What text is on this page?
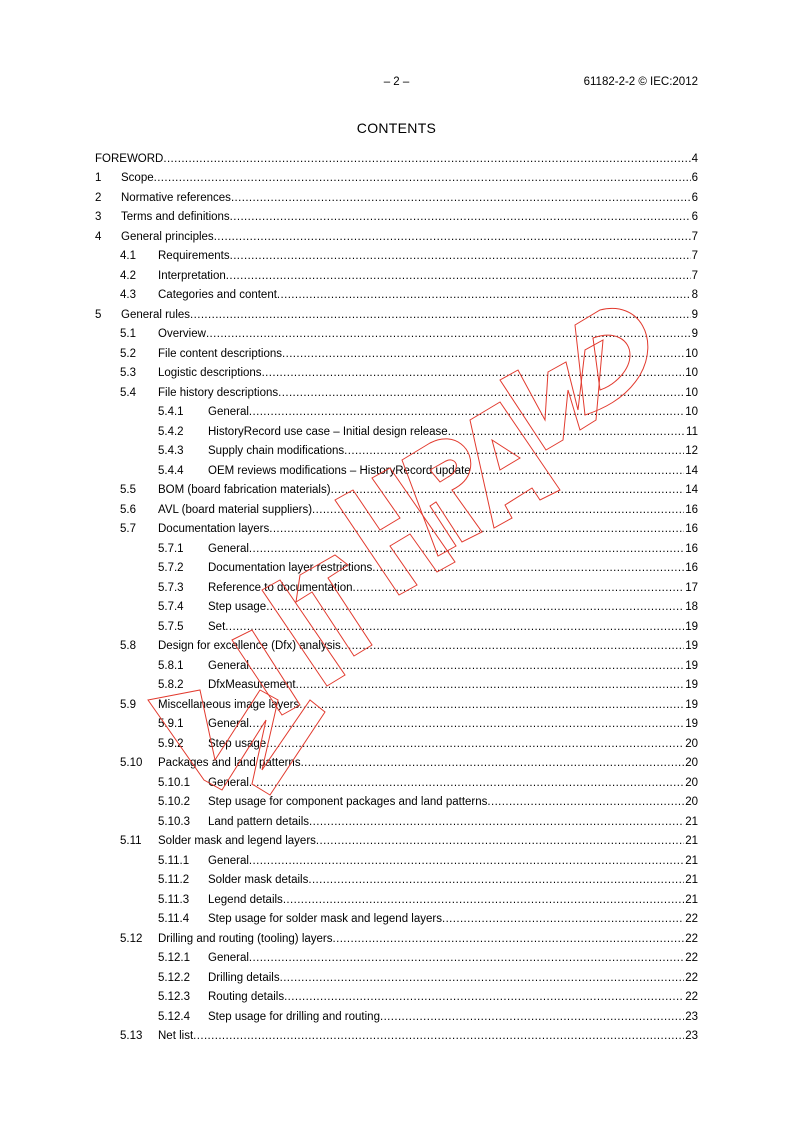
– 2 –	61182-2-2 © IEC:2012
CONTENTS
FOREWORD .....	4
1	Scope .....	6
2	Normative references .....	6
3	Terms and definitions .....	6
4	General principles .....	7
4.1	Requirements .....	7
4.2	Interpretation .....	7
4.3	Categories and content .....	8
5	General rules .....	9
5.1	Overview .....	9
5.2	File content descriptions .....	10
5.3	Logistic descriptions .....	10
5.4	File history descriptions .....	10
5.4.1	General .....	10
5.4.2	HistoryRecord use case – Initial design release .....	11
5.4.3	Supply chain modifications .....	12
5.4.4	OEM reviews modifications – HistoryRecord update .....	14
5.5	BOM (board fabrication materials) .....	14
5.6	AVL (board material suppliers) .....	16
5.7	Documentation layers .....	16
5.7.1	General .....	16
5.7.2	Documentation layer restrictions .....	16
5.7.3	Reference to documentation .....	17
5.7.4	Step usage .....	18
5.7.5	Set .....	19
5.8	Design for excellence (Dfx) analysis .....	19
5.8.1	General .....	19
5.8.2	DfxMeasurement .....	19
5.9	Miscellaneous image layers .....	19
5.9.1	General .....	19
5.9.2	Step usage .....	20
5.10	Packages and land patterns .....	20
5.10.1	General .....	20
5.10.2	Step usage for component packages and land patterns .....	20
5.10.3	Land pattern details .....	21
5.11	Solder mask and legend layers .....	21
5.11.1	General .....	21
5.11.2	Solder mask details .....	21
5.11.3	Legend details .....	21
5.11.4	Step usage for solder mask and legend layers .....	22
5.12	Drilling and routing (tooling) layers .....	22
5.12.1	General .....	22
5.12.2	Drilling details .....	22
5.12.3	Routing details .....	22
5.12.4	Step usage for drilling and routing .....	23
5.13	Net list .....	23
